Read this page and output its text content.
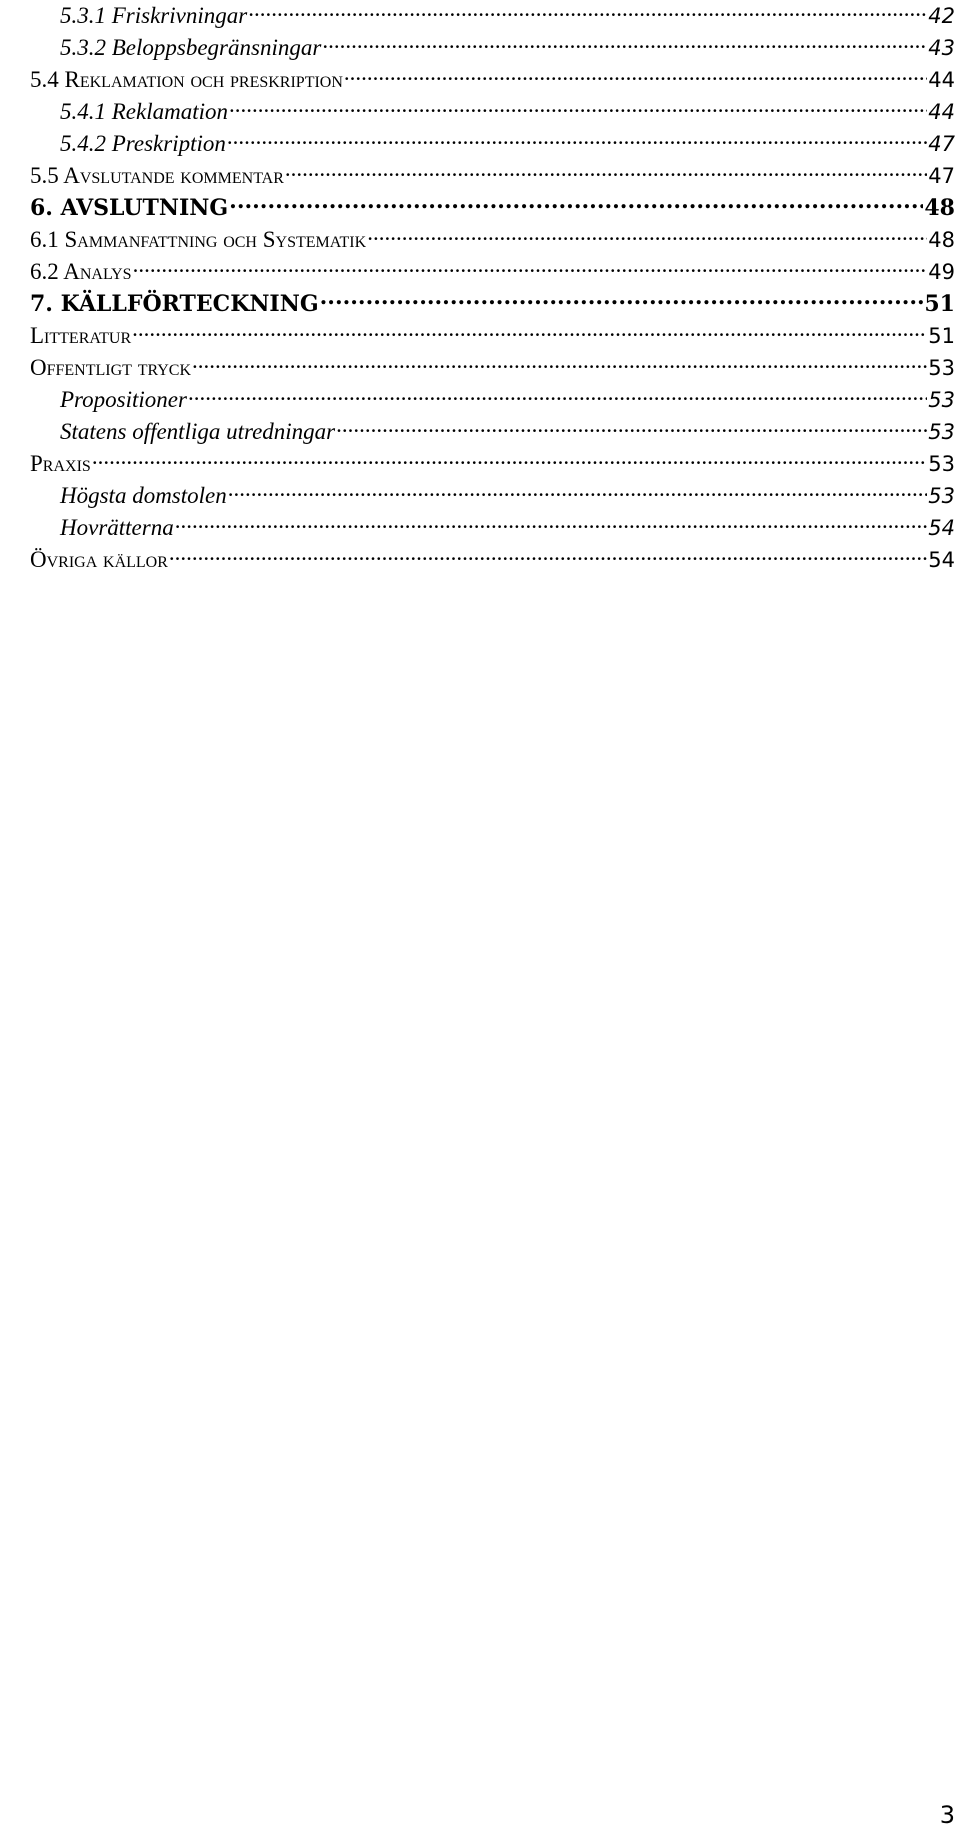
5.3.1 Friskrivningar .....	42
5.3.2 Beloppsbegränsningar .....	43
5.4 Reklamation och preskription .....	44
5.4.1 Reklamation .....	44
5.4.2 Preskription .....	47
5.5 Avslutande kommentar .....	47
6. AVSLUTNING .....	48
6.1 Sammanfattning och Systematik .....	48
6.2 Analys .....	49
7. KÄLLFÖRTECKNING .....	51
Litteratur .....	51
Offentligt tryck .....	53
Propositioner .....	53
Statens offentliga utredningar .....	53
Praxis .....	53
Högsta domstolen .....	53
Hovrätterna .....	54
Övriga källor .....	54
3
